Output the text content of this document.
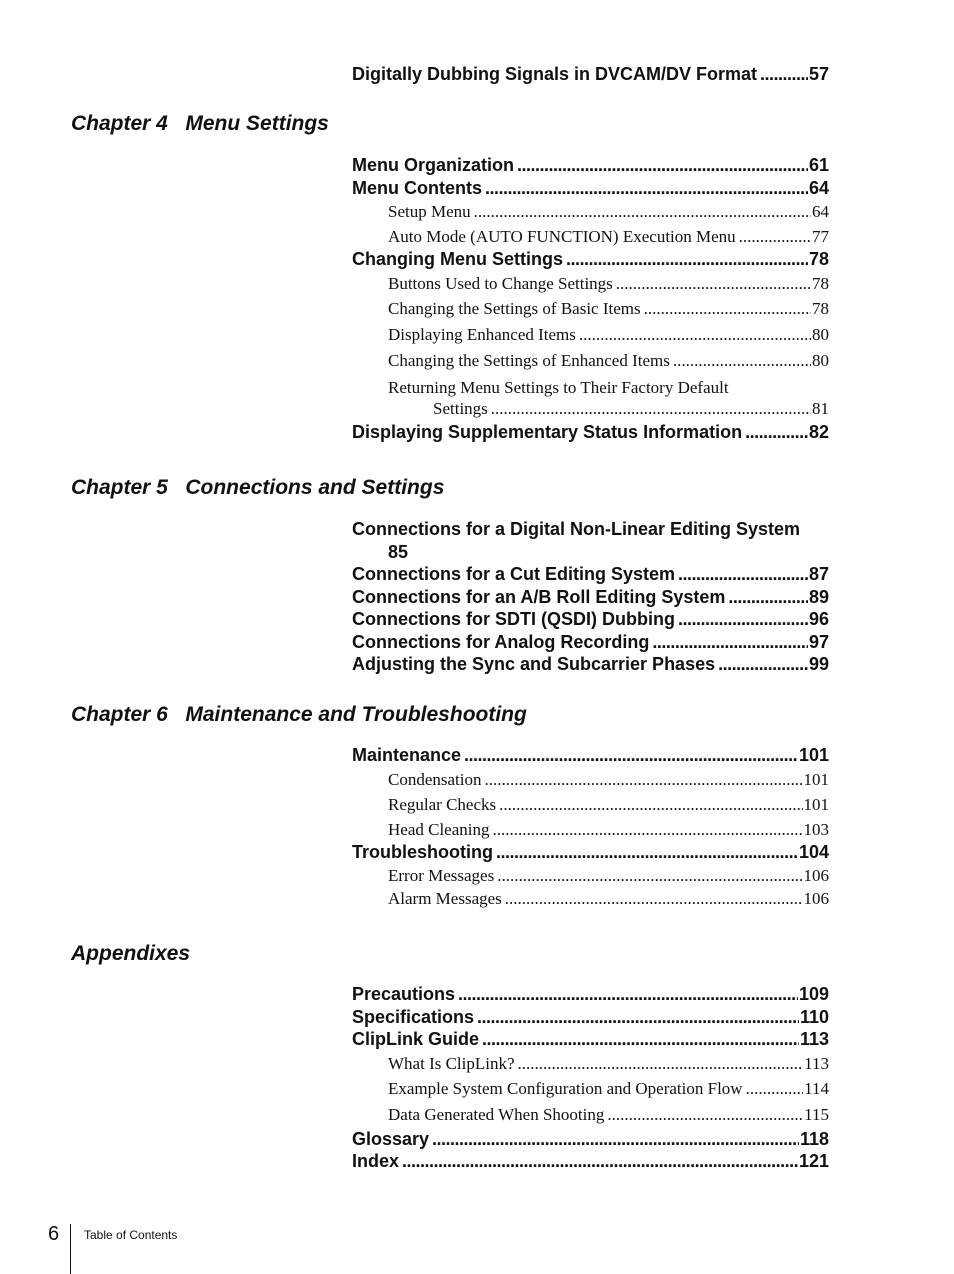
Digitally Dubbing Signals in DVCAM/DV Format .....	57
Chapter 4   Menu Settings
Menu Organization .....	61
Menu Contents .....	64
Setup Menu .....	64
Auto Mode (AUTO FUNCTION) Execution Menu .....	77
Changing Menu Settings .....	78
Buttons Used to Change Settings .....	78
Changing the Settings of Basic Items .....	78
Displaying Enhanced Items .....	80
Changing the Settings of Enhanced Items .....	80
Returning Menu Settings to Their Factory Default
Settings .....	81
Displaying Supplementary Status Information .....	82
Chapter 5   Connections and Settings
Connections for a Digital Non-Linear Editing System
85
Connections for a Cut Editing System .....	87
Connections for an A/B Roll Editing System .....	89
Connections for SDTI (QSDI) Dubbing .....	96
Connections for Analog Recording .....	97
Adjusting the Sync and Subcarrier Phases .....	99
Chapter 6   Maintenance and Troubleshooting
Maintenance .....	101
Condensation .....	101
Regular Checks .....	101
Head Cleaning .....	103
Troubleshooting .....	104
Error Messages .....	106
Alarm Messages .....	106
Appendixes
Precautions .....	109
Specifications .....	110
ClipLink Guide .....	113
What Is ClipLink? .....	113
Example System Configuration and Operation Flow .....	114
Data Generated When Shooting .....	115
Glossary .....	118
Index .....	121
6 Table of Contents
